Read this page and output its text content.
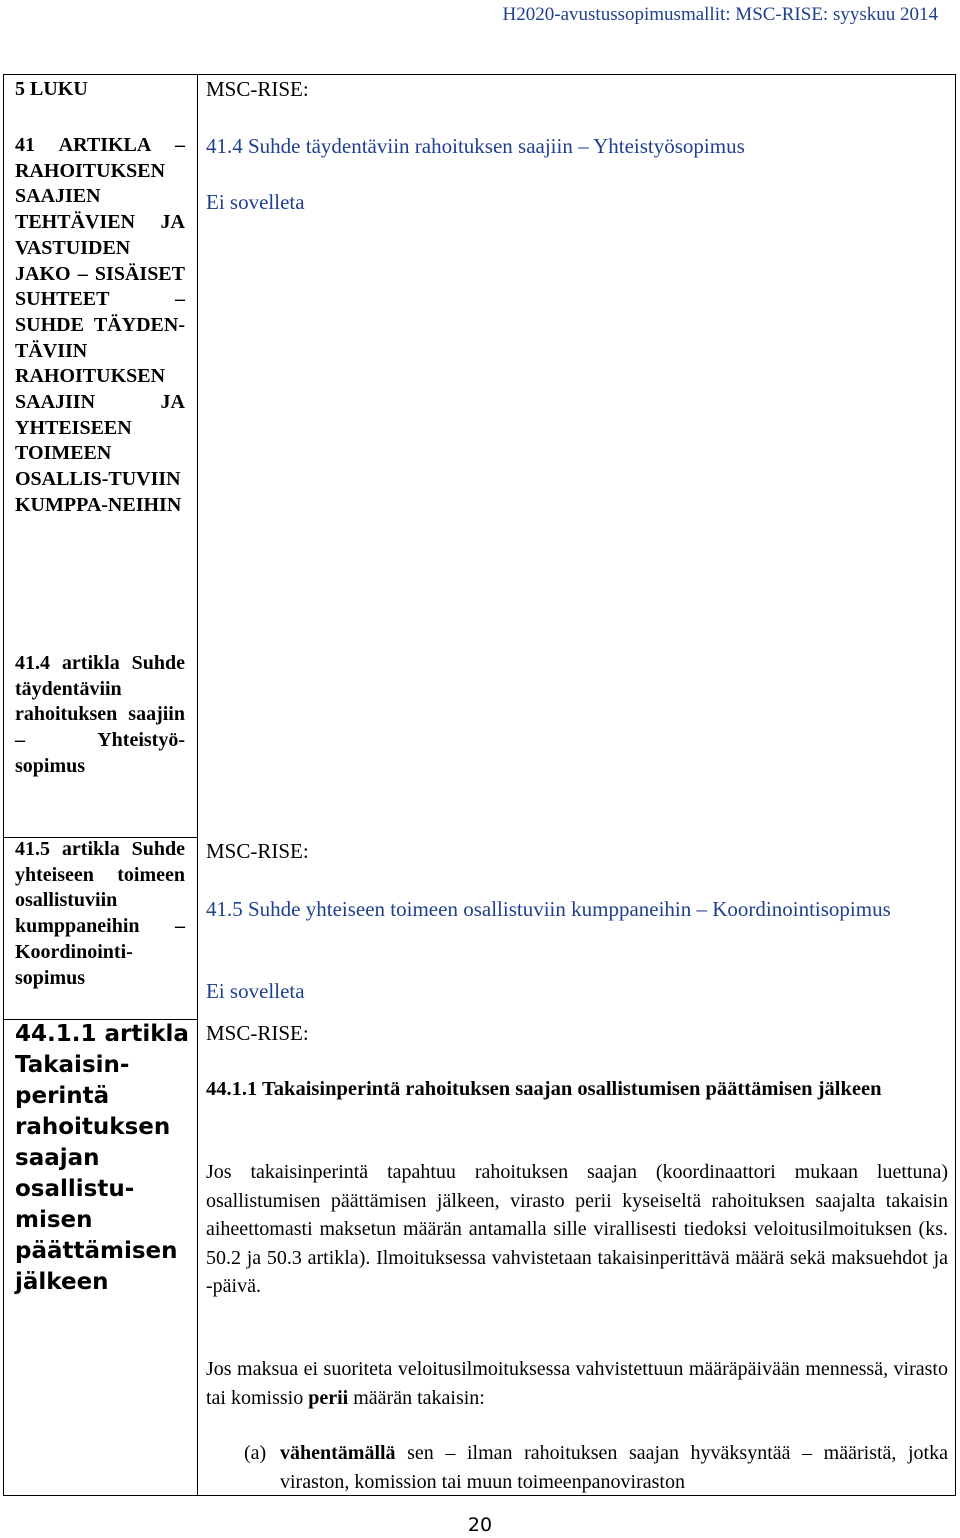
H2020-avustussopimusmallit: MSC-RISE: syyskuu 2014
5 LUKU
41 ARTIKLA – RAHOITUKSEN SAAJIEN TEHTÄVIEN JA VASTUIDEN JAKO – SISÄISET SUHTEET – SUHDE TÄYDEN-TÄVIIN RAHOITUKSEN SAAJIIN JA YHTEISEEN TOIMEEN OSALLIS-TUVIIN KUMPPA-NEIHIN
41.4 artikla Suhde täydentäviin rahoituksen saajiin – Yhteistyö-sopimus
41.5 artikla Suhde yhteiseen toimeen osallistuviin kumppaneihin – Koordinointi-sopimus
44.1.1 artikla Takaisin-perintä rahoituksen saajan osallistu-misen päättämisen jälkeen
MSC-RISE:
41.4 Suhde täydentäviin rahoituksen saajiin – Yhteistyösopimus
Ei sovelleta
MSC-RISE:
41.5 Suhde yhteiseen toimeen osallistuviin kumppaneihin – Koordinointisopimus
Ei sovelleta
MSC-RISE:
44.1.1 Takaisinperintä rahoituksen saajan osallistumisen päättämisen jälkeen
Jos takaisinperintä tapahtuu rahoituksen saajan (koordinaattori mukaan luettuna) osallistumisen päättämisen jälkeen, virasto perii kyseiseltä rahoituksen saajalta takaisin aiheettomasti maksetun määrän antamalla sille virallisesti tiedoksi veloitusilmoituksen (ks. 50.2 ja 50.3 artikla). Ilmoituksessa vahvistetaan takaisinperittävä määrä sekä maksuehdot ja -päivä.
Jos maksua ei suoriteta veloitusilmoituksessa vahvistettuun määräpäivään mennessä, virasto tai komissio perii määrän takaisin:
(a) vähentämällä sen – ilman rahoituksen saajan hyväksyntää – määristä, jotka viraston, komission tai muun toimeenpanoviraston
20
